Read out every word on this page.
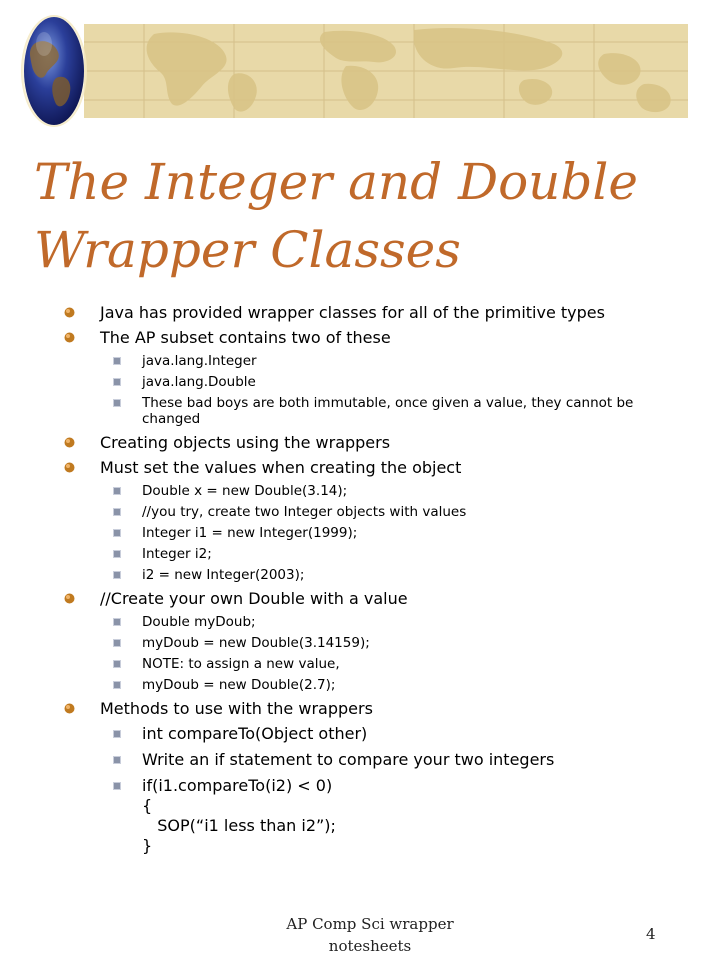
The Integer and Double Wrapper Classes
Java has provided wrapper classes for all of the primitive types
The AP subset contains two of these
java.lang.Integer
java.lang.Double
These bad boys are both immutable, once given a value, they cannot be changed
Creating objects using the wrappers
Must set the values when creating the object
Double x = new Double(3.14);
//you try, create two Integer objects with values
Integer i1 = new Integer(1999);
Integer i2;
i2 = new Integer(2003);
//Create your own Double with a value
Double myDoub;
myDoub = new Double(3.14159);
NOTE: to assign a new value,
myDoub = new Double(2.7);
Methods to use with the wrappers
int compareTo(Object other)
Write an if statement to compare your two integers
if(i1.compareTo(i2) < 0)
{
SOP(“i1 less than i2”);
}
AP Comp Sci wrapper
notesheets
4
